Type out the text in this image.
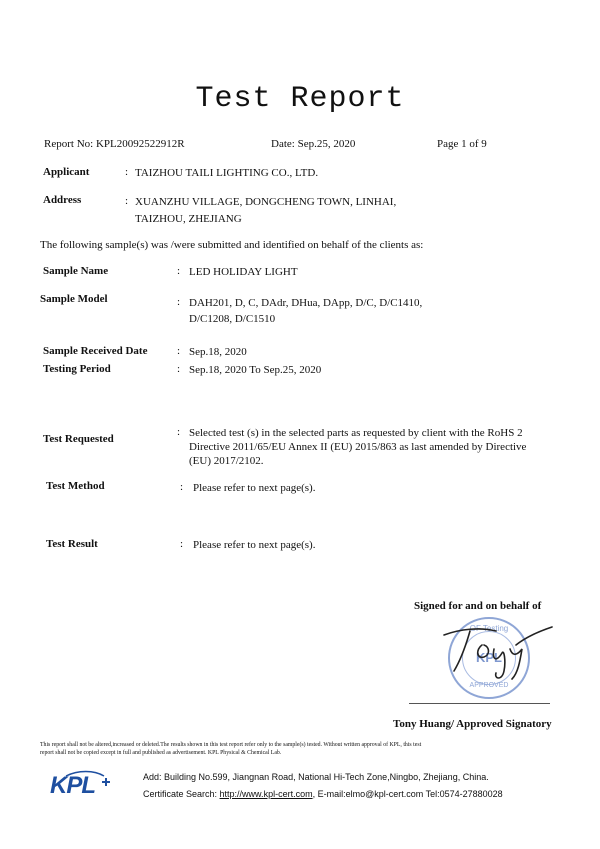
Test Report
Report No: KPL20092522912R	Date: Sep.25, 2020	Page 1 of 9
Applicant	: TAIZHOU TAILI LIGHTING CO., LTD.
Address	: XUANZHU VILLAGE, DONGCHENG TOWN, LINHAI,
TAIZHOU, ZHEJIANG
The following sample(s) was /were submitted and identified on behalf of the clients as:
Sample Name	: LED HOLIDAY LIGHT
Sample Model	: DAH201, D, C, DAdr, DHua, DApp, D/C, D/C1410,
D/C1208, D/C1510
Sample Received Date	: Sep.18, 2020
Testing Period	: Sep.18, 2020 To Sep.25, 2020
Test Requested
: Selected test (s) in the selected parts as requested by client with the RoHS 2
Directive 2011/65/EU Annex II (EU) 2015/863 as last amended by Directive
(EU) 2017/2102.
Test Method	: Please refer to next page(s).
Test Result	: Please refer to next page(s).
Signed for and on behalf of
OF Testing
KPL
APPROVED
Tony Huang/ Approved Signatory
This report shall not be altered,increased or deleted.The results shown in this test report refer only to the sample(s) tested. Without written approval of KPL, this test
report shall not be copied except in full and published as advertisement. KPL Physical & Chemical Lab.
KPL	Add: Building No.599, Jiangnan Road, National Hi-Tech Zone,Ningbo, Zhejiang, China.
Certificate Search: http://www.kpl-cert.com, E-mail:elmo@kpl-cert.com Tel:0574-27880028
